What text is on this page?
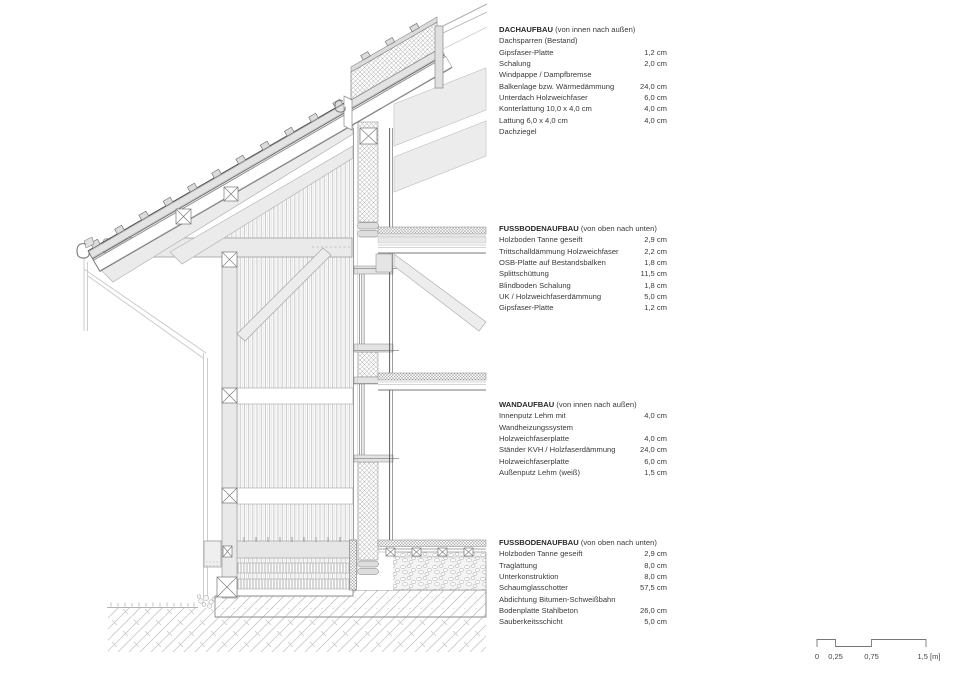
0 0,25	0,75	1,5 [m]
DACHAUFBAU (von innen nach außen)
Dachsparren (Bestand)
Gipsfaser-Platte	1,2 cm
Schalung	2,0 cm
Windpappe / Dampfbremse
Balkenlage bzw. Wärmedämmung	24,0 cm
Unterdach Holzweichfaser	6,0 cm
Konterlattung 10,0 x 4,0 cm	4,0 cm
Lattung 6,0 x 4,0 cm	4,0 cm
Dachziegel
FUSSBODENAUFBAU (von oben nach unten)
Holzboden Tanne geseift	2,9 cm
Trittschalldämmung Holzweichfaser	2,2 cm
OSB-Platte auf Bestandsbalken	1,8 cm
Splittschüttung	11,5 cm
Blindboden Schalung	1,8 cm
UK / Holzweichfaserdämmung	5,0 cm
Gipsfaser-Platte	1,2 cm
WANDAUFBAU (von innen nach außen)
Innenputz Lehm mit	4,0 cm
Wandheizungssystem
Holzweichfaserplatte	4,0 cm
Ständer KVH / Holzfaserdämmung	24,0 cm
Holzweichfaserplatte	6,0 cm
Außenputz Lehm (weiß)	1,5 cm
FUSSBODENAUFBAU (von oben nach unten)
Holzboden Tanne geseift	2,9 cm
Traglattung	8,0 cm
Unterkonstruktion	8,0 cm
Schaumglasschotter	57,5 cm
Abdichtung Bitumen-Schweißbahn
Bodenplatte Stahlbeton	26,0 cm
Sauberkeitsschicht	5,0 cm
